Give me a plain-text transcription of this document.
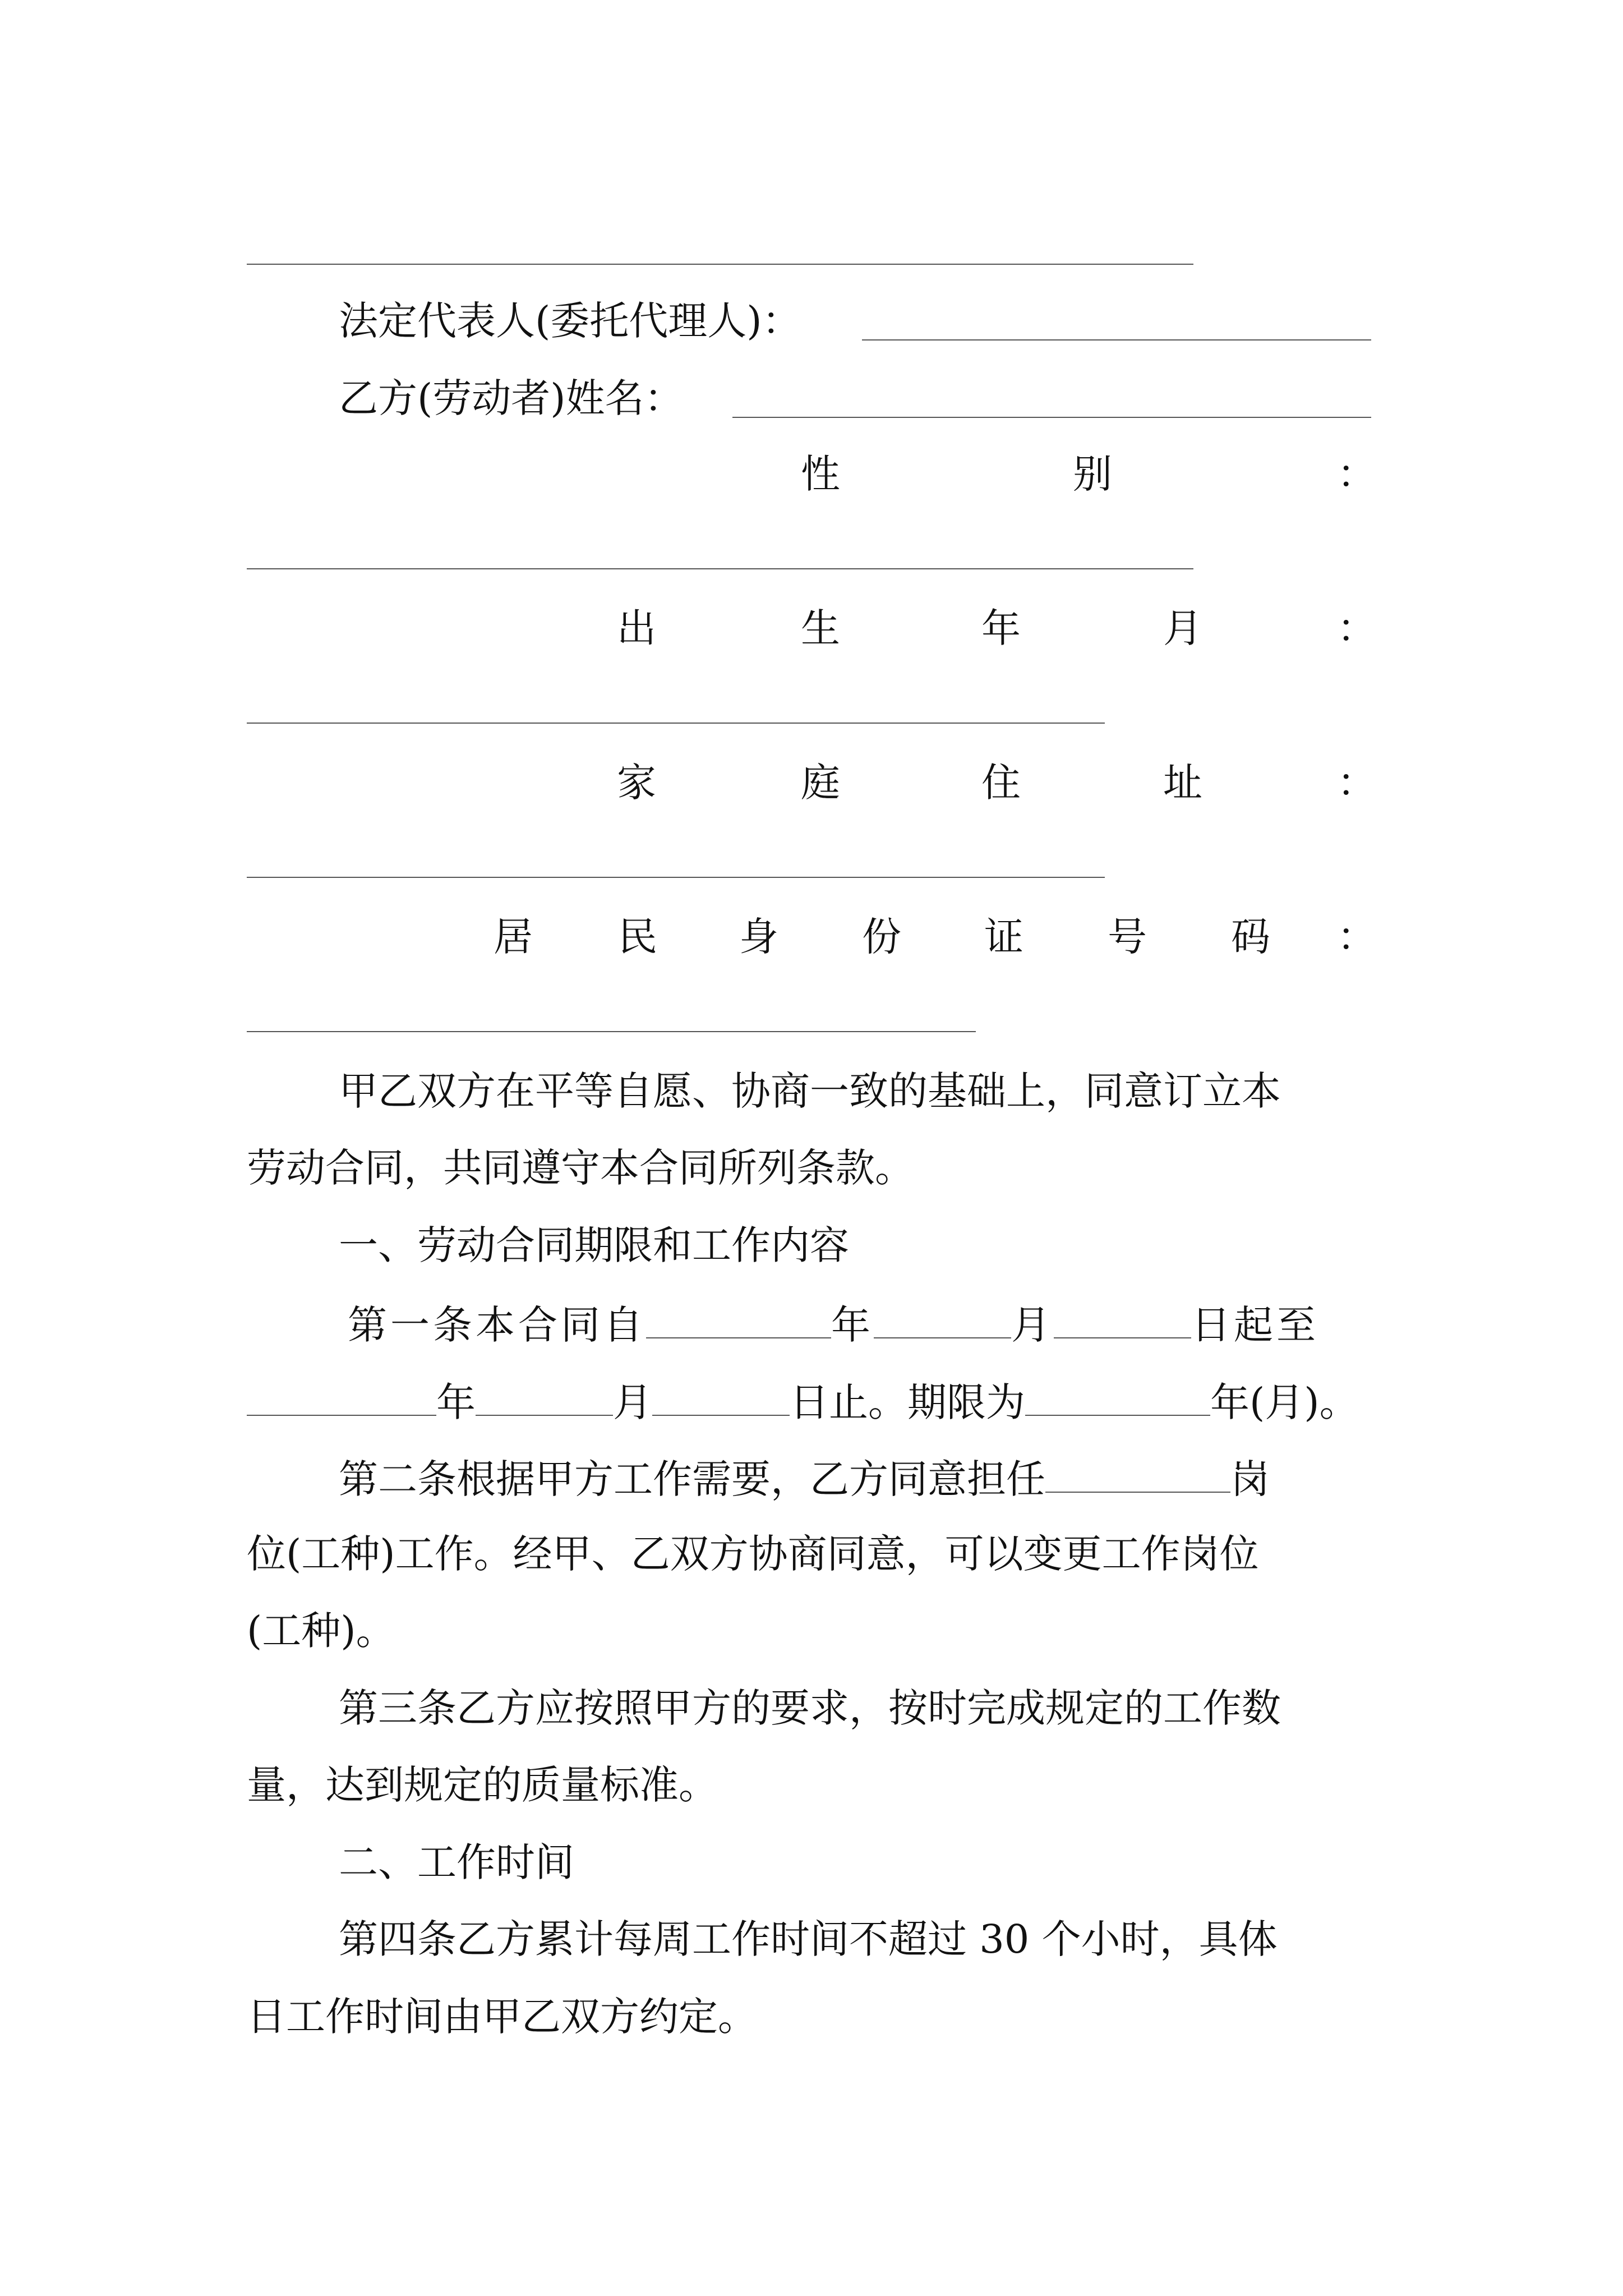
法定代表人(委托代理人)：
乙方(劳动者)姓名：
性	别	：
出	生	年	月	：
家	庭	住	址	：
居 民 身 份 证 号 码 ：
甲乙双方在平等自愿、协商一致的基础上，同意订立本
劳动合同，共同遵守本合同所列条款。
一、劳动合同期限和工作内容
第一条本合同自	年	月	日起至
年	月	日止。期限为	年(月)。
第二条根据甲方工作需要，乙方同意担任	岗
位(工种)工作。经甲、乙双方协商同意，可以变更工作岗位
(工种)。
第三条乙方应按照甲方的要求，按时完成规定的工作数
量，达到规定的质量标准。
二、工作时间
第四条乙方累计每周工作时间不超过 30 个小时，具体
日工作时间由甲乙双方约定。
